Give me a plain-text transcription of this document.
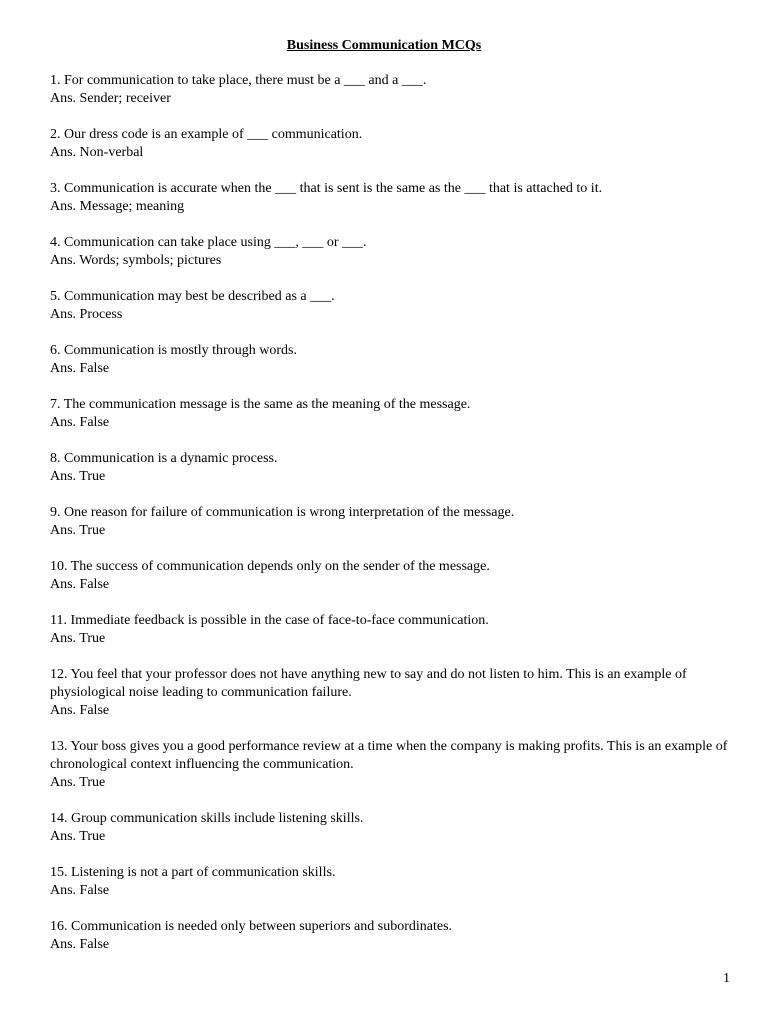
Business Communication MCQs
1. For communication to take place, there must be a ___ and a ___.
Ans. Sender; receiver
2. Our dress code is an example of ___ communication.
Ans. Non-verbal
3. Communication is accurate when the ___ that is sent is the same as the ___ that is attached to it.
Ans. Message; meaning
4. Communication can take place using ___, ___ or ___.
Ans. Words; symbols; pictures
5. Communication may best be described as a ___.
Ans. Process
6. Communication is mostly through words.
Ans. False
7. The communication message is the same as the meaning of the message.
Ans. False
8. Communication is a dynamic process.
Ans. True
9. One reason for failure of communication is wrong interpretation of the message.
Ans. True
10. The success of communication depends only on the sender of the message.
Ans. False
11. Immediate feedback is possible in the case of face-to-face communication.
Ans. True
12. You feel that your professor does not have anything new to say and do not listen to him. This is an example of physiological noise leading to communication failure.
Ans. False
13. Your boss gives you a good performance review at a time when the company is making profits. This is an example of chronological context influencing the communication.
Ans. True
14. Group communication skills include listening skills.
Ans. True
15. Listening is not a part of communication skills.
Ans. False
16. Communication is needed only between superiors and subordinates.
Ans. False
1
